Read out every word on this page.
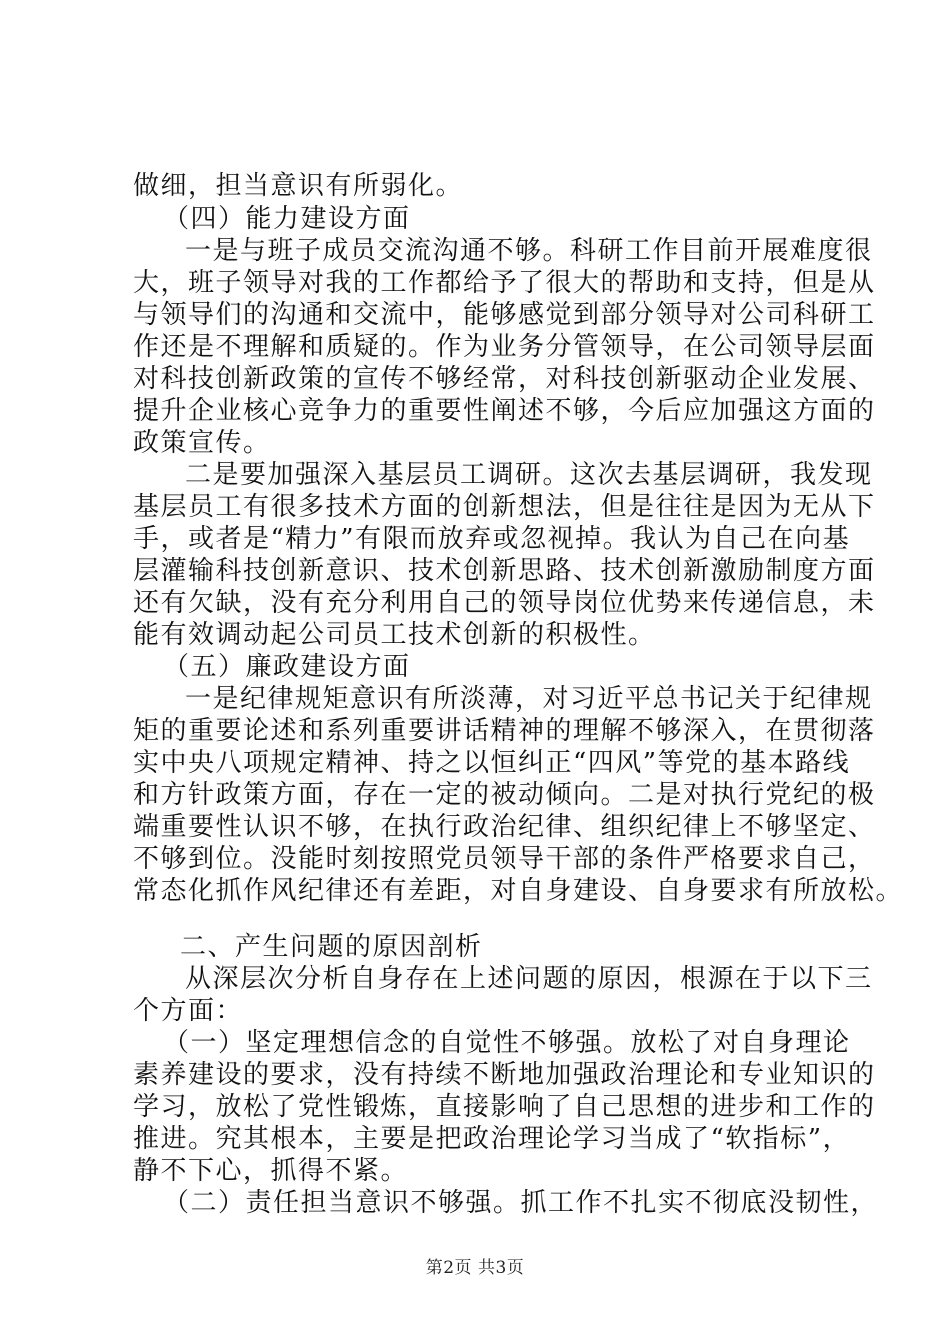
做细，担当意识有所弱化。
（四）能力建设方面
一是与班子成员交流沟通不够。科研工作目前开展难度很
大，班子领导对我的工作都给予了很大的帮助和支持，但是从
与领导们的沟通和交流中，能够感觉到部分领导对公司科研工
作还是不理解和质疑的。作为业务分管领导，在公司领导层面
对科技创新政策的宣传不够经常，对科技创新驱动企业发展、
提升企业核心竞争力的重要性阐述不够，今后应加强这方面的
政策宣传。
二是要加强深入基层员工调研。这次去基层调研，我发现
基层员工有很多技术方面的创新想法，但是往往是因为无从下
手，或者是“精力”有限而放弃或忽视掉。我认为自己在向基
层灌输科技创新意识、技术创新思路、技术创新激励制度方面
还有欠缺，没有充分利用自己的领导岗位优势来传递信息，未
能有效调动起公司员工技术创新的积极性。
（五）廉政建设方面
一是纪律规矩意识有所淡薄，对习近平总书记关于纪律规
矩的重要论述和系列重要讲话精神的理解不够深入，在贯彻落
实中央八项规定精神、持之以恒纠正“四风”等党的基本路线
和方针政策方面，存在一定的被动倾向。二是对执行党纪的极
端重要性认识不够，在执行政治纪律、组织纪律上不够坚定、
不够到位。没能时刻按照党员领导干部的条件严格要求自己，
常态化抓作风纪律还有差距，对自身建设、自身要求有所放松。
二、产生问题的原因剖析
从深层次分析自身存在上述问题的原因，根源在于以下三
个方面：
（一）坚定理想信念的自觉性不够强。放松了对自身理论
素养建设的要求，没有持续不断地加强政治理论和专业知识的
学习，放松了党性锻炼，直接影响了自己思想的进步和工作的
推进。究其根本，主要是把政治理论学习当成了“软指标”，
静不下心，抓得不紧。
（二）责任担当意识不够强。抓工作不扎实不彻底没韧性，
第2页 共3页
